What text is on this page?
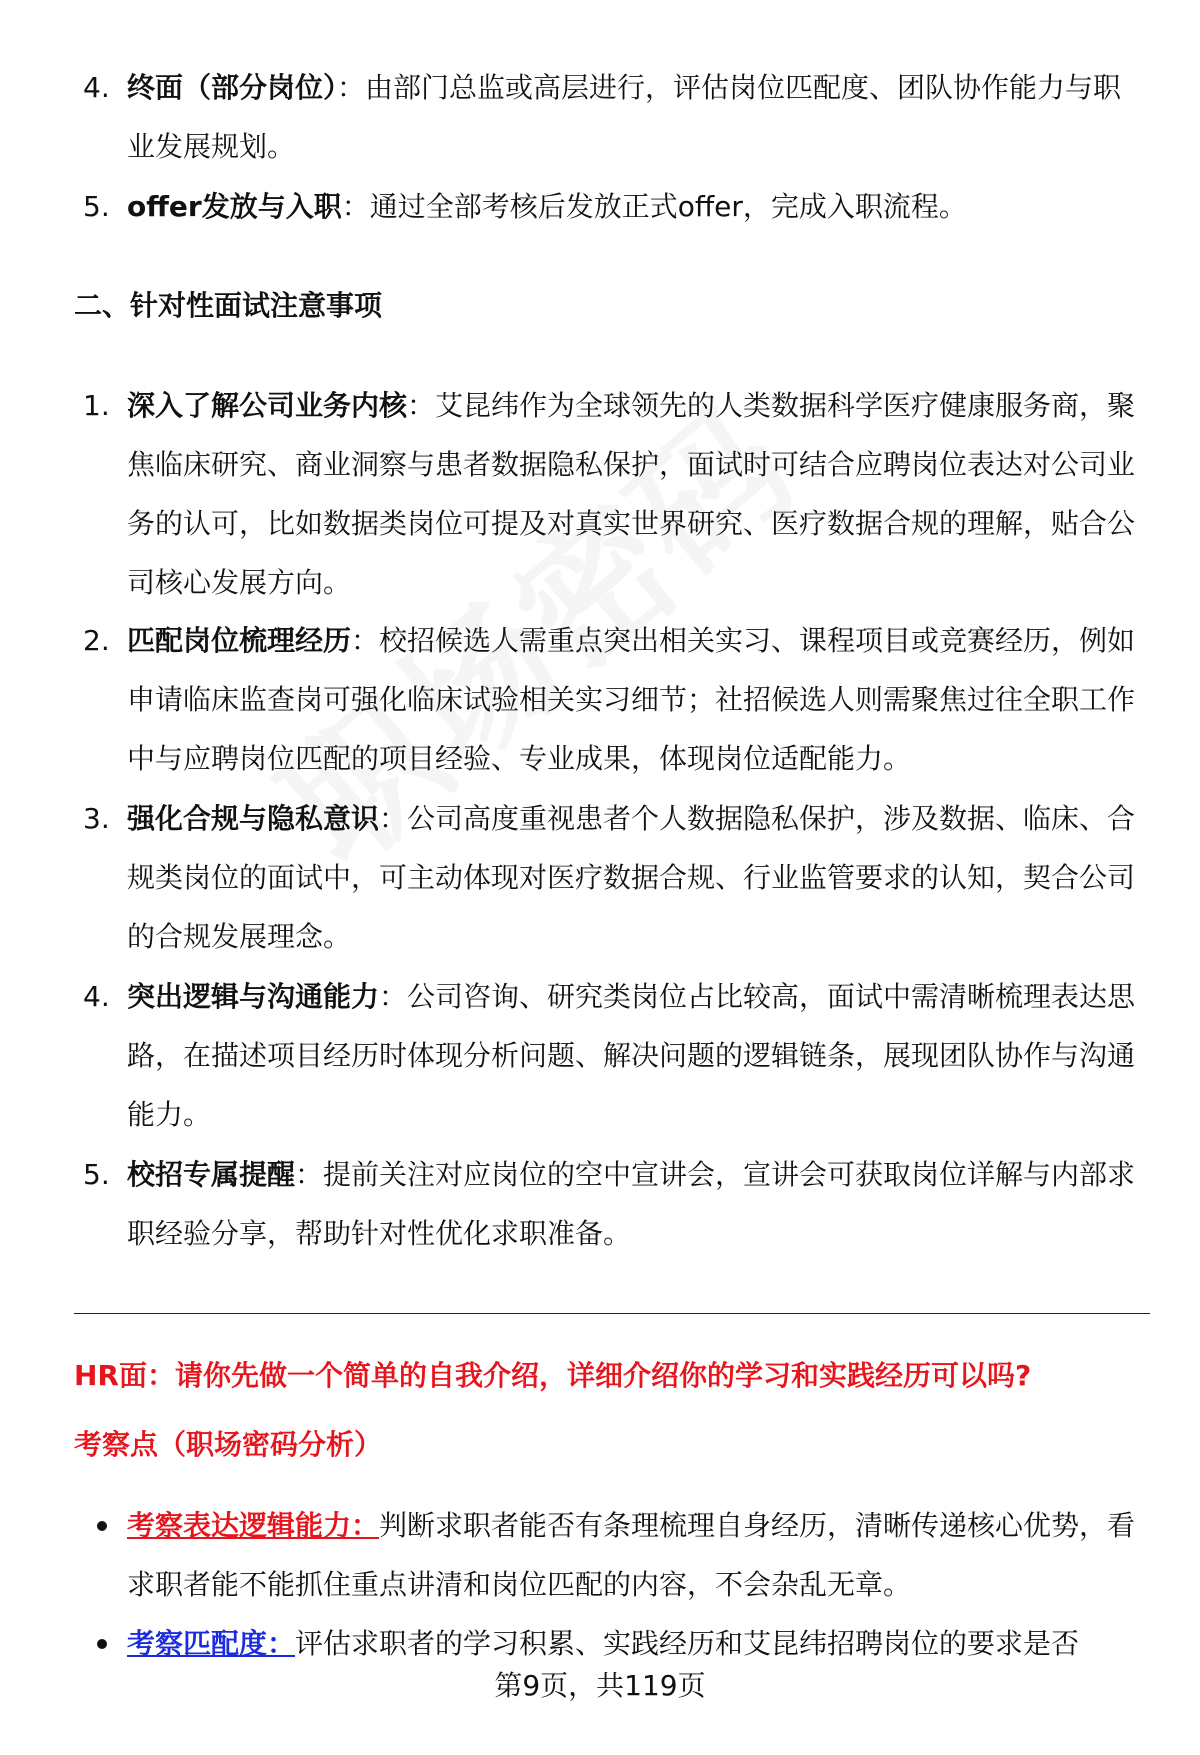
4. 终面（部分岗位）：由部门总监或高层进行，评估岗位匹配度、团队协作能力与职业发展规划。
5. offer发放与入职：通过全部考核后发放正式offer，完成入职流程。
二、针对性面试注意事项
1. 深入了解公司业务内核：艾昆纬作为全球领先的人类数据科学医疗健康服务商，聚焦临床研究、商业洞察与患者数据隐私保护，面试时可结合应聘岗位表达对公司业务的认可，比如数据类岗位可提及对真实世界研究、医疗数据合规的理解，贴合公司核心发展方向。
2. 匹配岗位梳理经历：校招候选人需重点突出相关实习、课程项目或竞赛经历，例如申请临床监查岗可强化临床试验相关实习细节；社招候选人则需聚焦过往全职工作中与应聘岗位匹配的项目经验、专业成果，体现岗位适配能力。
3. 强化合规与隐私意识：公司高度重视患者个人数据隐私保护，涉及数据、临床、合规类岗位的面试中，可主动体现对医疗数据合规、行业监管要求的认知，契合公司的合规发展理念。
4. 突出逻辑与沟通能力：公司咨询、研究类岗位占比较高，面试中需清晰梳理表达思路，在描述项目经历时体现分析问题、解决问题的逻辑链条，展现团队协作与沟通能力。
5. 校招专属提醒：提前关注对应岗位的空中宣讲会，宣讲会可获取岗位详解与内部求职经验分享，帮助针对性优化求职准备。
HR面：请你先做一个简单的自我介绍，详细介绍你的学习和实践经历可以吗?
考察点（职场密码分析）
考察表达逻辑能力：判断求职者能否有条理梳理自身经历，清晰传递核心优势，看求职者能不能抓住重点讲清和岗位匹配的内容，不会杂乱无章。
考察匹配度：评估求职者的学习积累、实践经历和艾昆纬招聘岗位的要求是否
第9页，共119页
